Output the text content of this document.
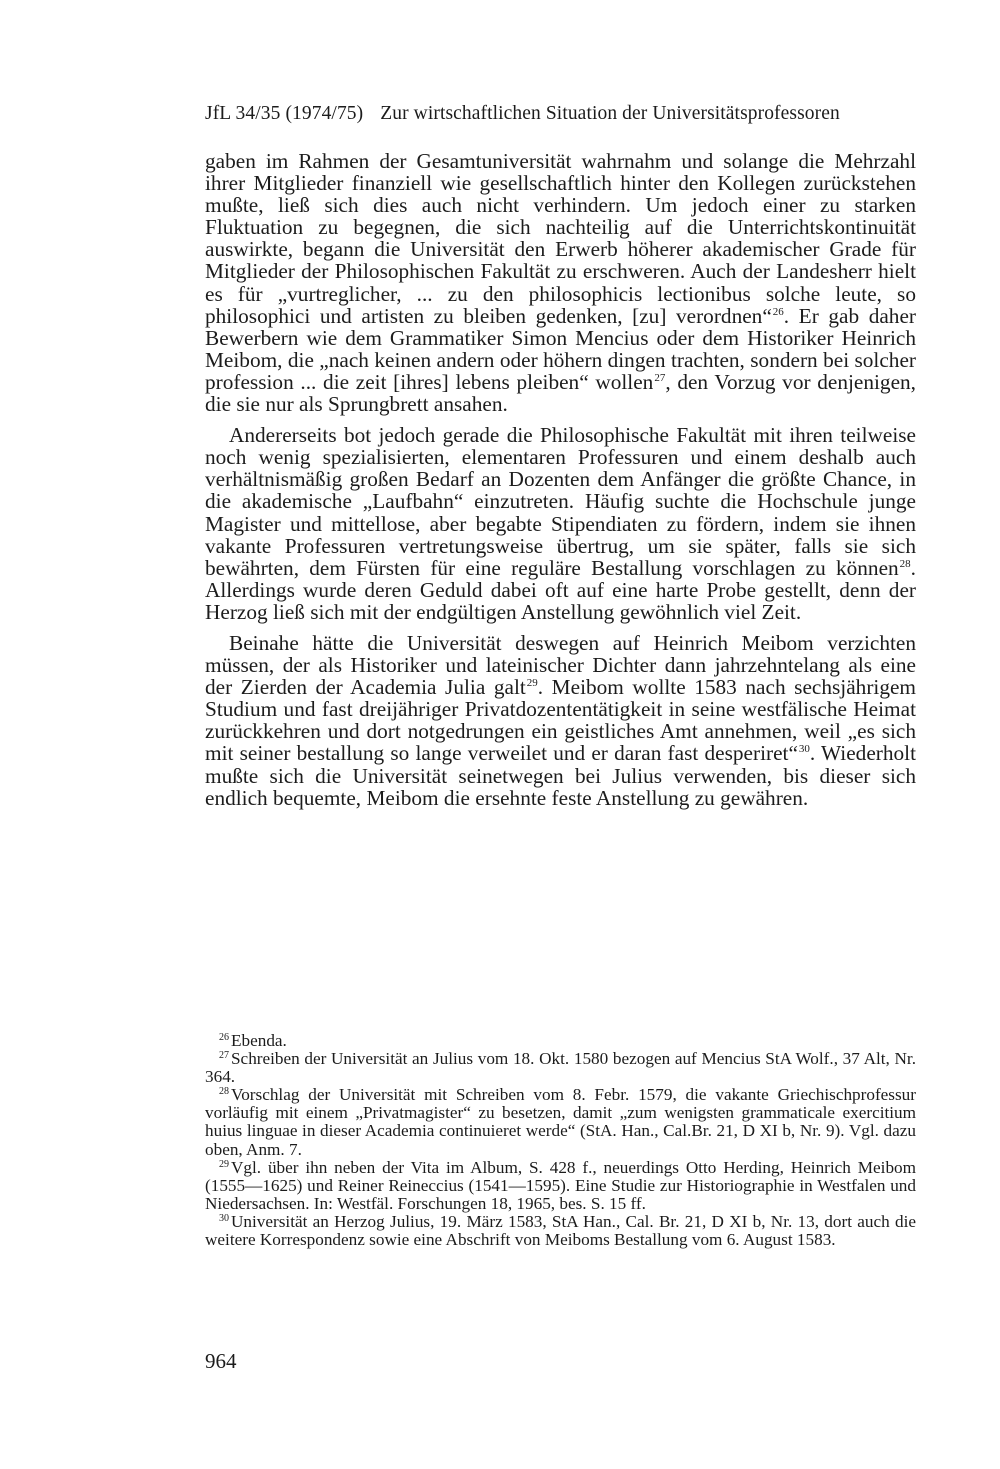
JfL 34/35 (1974/75) Zur wirtschaftlichen Situation der Universitätsprofessoren

gaben im Rahmen der Gesamtuniversität wahrnahm und solange die Mehrzahl ihrer Mitglieder finanziell wie gesellschaftlich hinter den Kollegen zurückstehen mußte, ließ sich dies auch nicht verhindern. Um jedoch einer zu starken Fluktuation zu begegnen, die sich nachteilig auf die Unterrichtskontinuität auswirkte, begann die Universität den Erwerb höherer akademischer Grade für Mitglieder der Philosophischen Fakultät zu erschweren. Auch der Landesherr hielt es für „vurtreglicher, ... zu den philosophicis lectionibus solche leute, so philosophici und artisten zu bleiben gedenken, [zu] verordnen“$^{26}$. Er gab daher Bewerbern wie dem Grammatiker Simon Mencius oder dem Historiker Heinrich Meibom, die „nach keinen andern oder höhern dingen trachten, sondern bei solcher profession ... die zeit [ihres] lebens pleiben“ wollen$^{27}$, den Vorzug vor denjenigen, die sie nur als Sprungbrett ansahen.

Andererseits bot jedoch gerade die Philosophische Fakultät mit ihren teilweise noch wenig spezialisierten, elementaren Professuren und einem deshalb auch verhältnismäßig großen Bedarf an Dozenten dem Anfänger die größte Chance, in die akademische „Laufbahn“ einzutreten. Häufig suchte die Hochschule junge Magister und mittellose, aber begabte Stipendiaten zu fördern, indem sie ihnen vakante Professuren vertretungsweise übertrug, um sie später, falls sie sich bewährten, dem Fürsten für eine reguläre Bestallung vorschlagen zu können$^{28}$. Allerdings wurde deren Geduld dabei oft auf eine harte Probe gestellt, denn der Herzog ließ sich mit der endgültigen Anstellung gewöhnlich viel Zeit.

Beinahe hätte die Universität deswegen auf Heinrich Meibom verzichten müssen, der als Historiker und lateinischer Dichter dann jahrzehntelang als eine der Zierden der Academia Julia galt$^{29}$. Meibom wollte 1583 nach sechsjährigem Studium und fast dreijähriger Privatdozententätigkeit in seine westfälische Heimat zurückkehren und dort notgedrungen ein geistliches Amt annehmen, weil „es sich mit seiner bestallung so lange verweilet und er daran fast desperiret“$^{30}$. Wiederholt mußte sich die Universität seinetwegen bei Julius verwenden, bis dieser sich endlich bequemte, Meibom die ersehnte feste Anstellung zu gewähren.

$^{26}$ Ebenda.

$^{27}$ Schreiben der Universität an Julius vom 18. Okt. 1580 bezogen auf Mencius StA Wolf., 37 Alt, Nr. 364.

$^{28}$ Vorschlag der Universität mit Schreiben vom 8. Febr. 1579, die vakante Griechischprofessur vorläufig mit einem „Privatmagister“ zu besetzen, damit „zum wenigsten grammaticale exercitium huius linguae in dieser Academia continuieret werde“ (StA. Han., Cal.Br. 21, D XI b, Nr. 9). Vgl. dazu oben, Anm. 7.

$^{29}$ Vgl. über ihn neben der Vita im Album, S. 428 f., neuerdings Otto Herding, Heinrich Meibom (1555—1625) und Reiner Reineccius (1541—1595). Eine Studie zur Historiographie in Westfalen und Niedersachsen. In: Westfäl. Forschungen 18, 1965, bes. S. 15 ff.

$^{30}$ Universität an Herzog Julius, 19. März 1583, StA Han., Cal. Br. 21, D XI b, Nr. 13, dort auch die weitere Korrespondenz sowie eine Abschrift von Meiboms Bestallung vom 6. August 1583.

964
